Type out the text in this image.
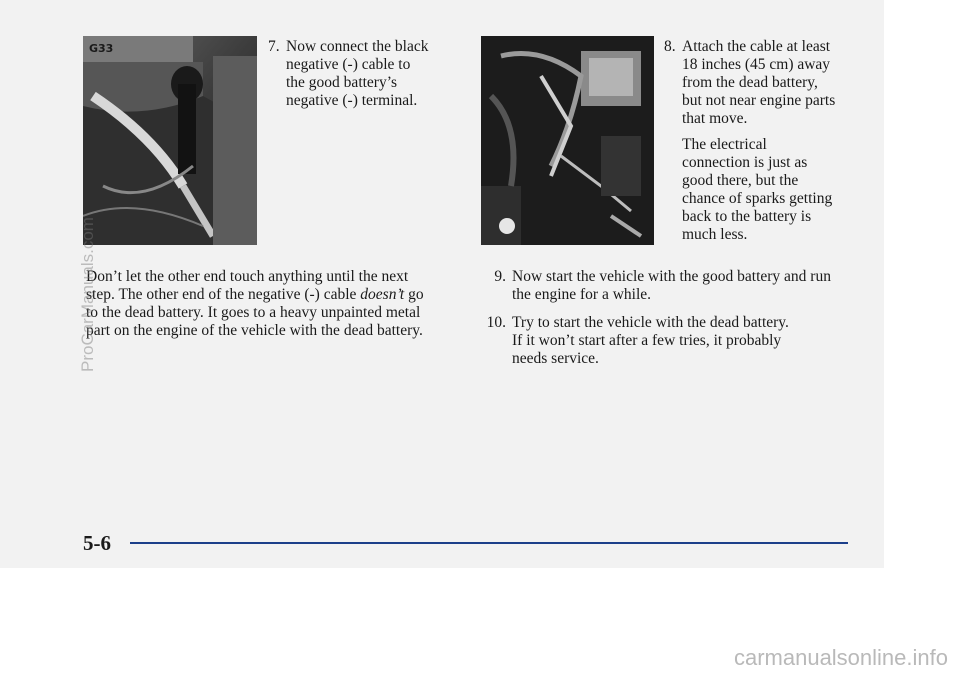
G33	7. Now connect the black

negative (-) cable to

the good battery’s

negative (-) terminal.

8. Attach the cable at least

18 inches (45 cm) away

from the dead battery,

but not near engine parts

that move.

The electrical

connection is just as

good there, but the

chance of sparks getting

back to the battery is

much less.

Don’t let the other end touch anything until the next
step. The other end of the negative (-) cable doesn’t go
to the dead battery. It goes to a heavy unpainted metal
part on the engine of the vehicle with the dead battery.
9. Now start the vehicle with the good battery and run
the engine for a while.
10. Try to start the vehicle with the dead battery.
If it won’t start after a few tries, it probably
needs service.
5-6
ProCarManuals.com
carmanualsonline.info
